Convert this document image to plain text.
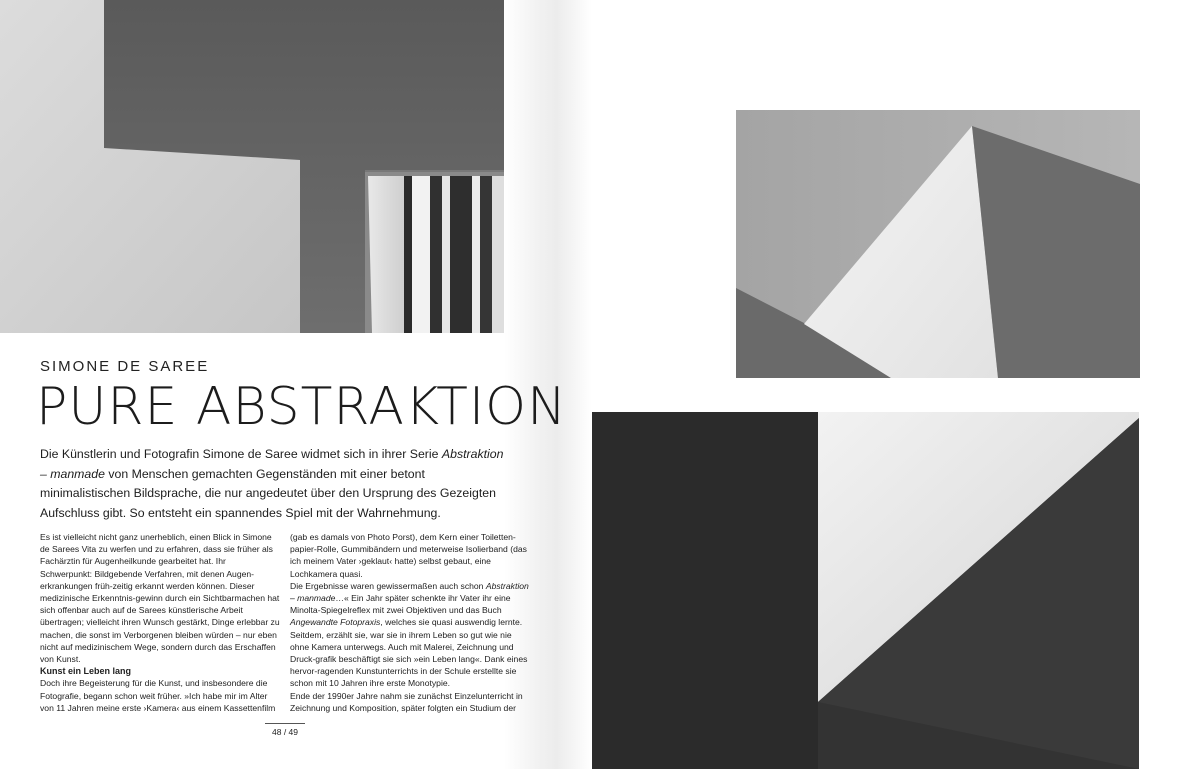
SIMONE DE SAREE
PURE ABSTRAKTION

Die Künstlerin und Fotografin Simone de Saree widmet sich in ihrer Serie Abstraktion – manmade von Menschen gemachten Gegenständen mit einer betont minimalistischen Bildsprache, die nur angedeutet über den Ursprung des Gezeigten Aufschluss gibt. So entsteht ein spannendes Spiel mit der Wahrnehmung.

Es ist vielleicht nicht ganz unerheblich, einen Blick in Simone de Sarees Vita zu werfen und zu erfahren, dass sie früher als Fachärztin für Augenheilkunde gearbeitet hat. Ihr Schwerpunkt: Bildgebende Verfahren, mit denen Augen-erkrankungen früh-zeitig erkannt werden können. Dieser medizinische Erkenntnis-gewinn durch ein Sichtbarmachen hat sich offenbar auch auf de Sarees künstlerische Arbeit übertragen; vielleicht ihren Wunsch gestärkt, Dinge erlebbar zu machen, die sonst im Verborgenen bleiben würden – nur eben nicht auf medizinischem Wege, sondern durch das Erschaffen von Kunst.

Kunst ein Leben lang

Doch ihre Begeisterung für die Kunst, und insbesondere die Fotografie, begann schon weit früher. »Ich habe mir im Alter von 11 Jahren meine erste ›Kamera‹ aus einem Kassettenfilm

(gab es damals von Photo Porst), dem Kern einer Toiletten-papier-Rolle, Gummibändern und meterweise Isolierband (das ich meinem Vater ›geklaut‹ hatte) selbst gebaut, eine Lochkamera quasi.

Die Ergebnisse waren gewissermaßen auch schon Abstraktion – manmade…« Ein Jahr später schenkte ihr Vater ihr eine Minolta-Spiegelreflex mit zwei Objektiven und das Buch Angewandte Fotopraxis, welches sie quasi auswendig lernte. Seitdem, erzählt sie, war sie in ihrem Leben so gut wie nie ohne Kamera unterwegs. Auch mit Malerei, Zeichnung und Druck-grafik beschäftigt sie sich »ein Leben lang«. Dank eines hervor-ragenden Kunstunterrichts in der Schule erstellte sie schon mit 10 Jahren ihre erste Monotypie.

Ende der 1990er Jahre nahm sie zunächst Einzelunterricht in Zeichnung und Komposition, später folgten ein Studium der

48 / 49
